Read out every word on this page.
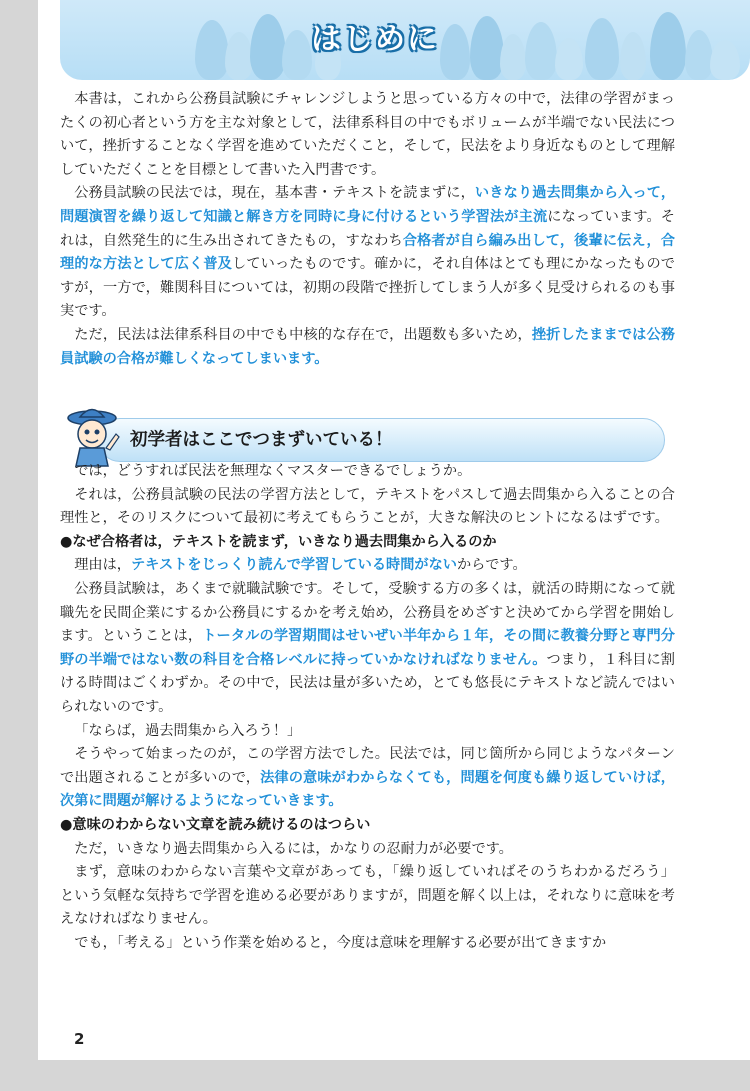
はじめに

本書は，これから公務員試験にチャレンジしようと思っている方々の中で，法律の学習がまったくの初心者という方を主な対象として，法律系科目の中でもボリュームが半端でない民法について，挫折することなく学習を進めていただくこと，そして，民法をより身近なものとして理解していただくことを目標として書いた入門書です。

公務員試験の民法では，現在，基本書・テキストを読まずに，いきなり過去問集から入って，問題演習を繰り返して知識と解き方を同時に身に付けるという学習法が主流になっています。それは，自然発生的に生み出されてきたもの，すなわち合格者が自ら編み出して，後輩に伝え，合理的な方法として広く普及していったものです。確かに，それ自体はとても理にかなったものですが，一方で，難関科目については，初期の段階で挫折してしまう人が多く見受けられるのも事実です。

ただ，民法は法律系科目の中でも中核的な存在で，出題数も多いため，挫折したままでは公務員試験の合格が難しくなってしまいます。

初学者はここでつまずいている！

では，どうすれば民法を無理なくマスターできるでしょうか。

それは，公務員試験の民法の学習方法として，テキストをパスして過去問集から入ることの合理性と，そのリスクについて最初に考えてもらうことが，大きな解決のヒントになるはずです。

●なぜ合格者は，テキストを読まず，いきなり過去問集から入るのか

理由は，テキストをじっくり読んで学習している時間がないからです。

公務員試験は，あくまで就職試験です。そして，受験する方の多くは，就活の時期になって就職先を民間企業にするか公務員にするかを考え始め，公務員をめざすと決めてから学習を開始します。ということは，トータルの学習期間はせいぜい半年から１年，その間に教養分野と専門分野の半端ではない数の科目を合格レベルに持っていかなければなりません。つまり，１科目に割ける時間はごくわずか。その中で，民法は量が多いため，とても悠長にテキストなど読んではいられないのです。

「ならば，過去問集から入ろう！」

そうやって始まったのが，この学習方法でした。民法では，同じ箇所から同じようなパターンで出題されることが多いので，法律の意味がわからなくても，問題を何度も繰り返していけば，次第に問題が解けるようになっていきます。

●意味のわからない文章を読み続けるのはつらい

ただ，いきなり過去問集から入るには，かなりの忍耐力が必要です。

まず，意味のわからない言葉や文章があっても，「繰り返していればそのうちわかるだろう」という気軽な気持ちで学習を進める必要がありますが，問題を解く以上は，それなりに意味を考えなければなりません。

でも，「考える」という作業を始めると，今度は意味を理解する必要が出てきますか

2
